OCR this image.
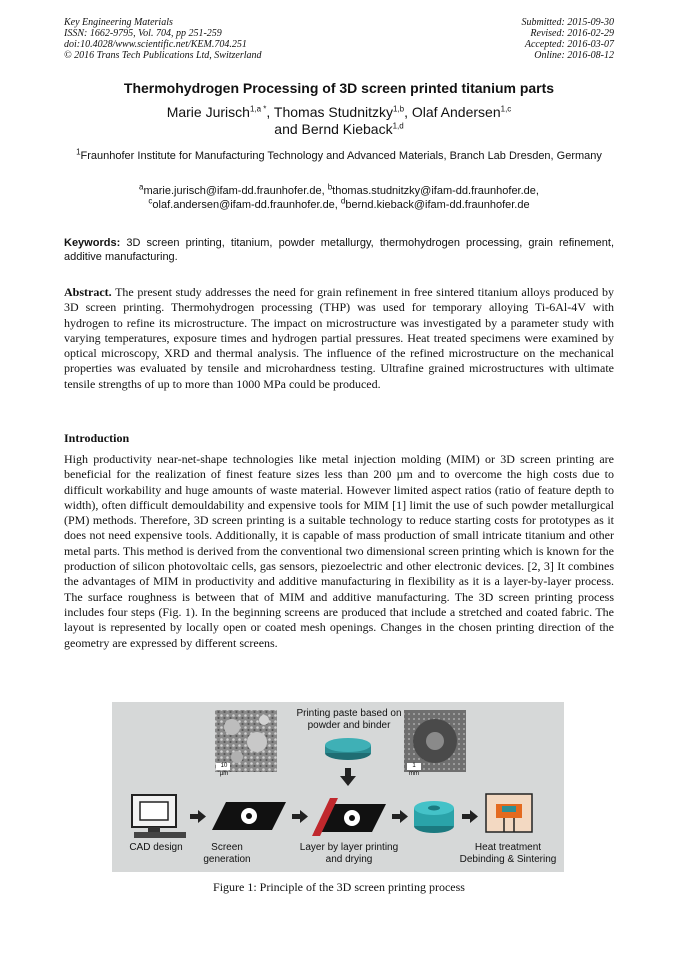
Key Engineering Materials
ISSN: 1662-9795, Vol. 704, pp 251-259
doi:10.4028/www.scientific.net/KEM.704.251
© 2016 Trans Tech Publications Ltd, Switzerland
Submitted: 2015-09-30
Revised: 2016-02-29
Accepted: 2016-03-07
Online: 2016-08-12
Thermohydrogen Processing of 3D screen printed titanium parts
Marie Jurisch$^{1,a *}$, Thomas Studnitzky$^{1,b}$, Olaf Andersen$^{1,c}$
and Bernd Kieback$^{1,d}$
$^1$Fraunhofer Institute for Manufacturing Technology and Advanced Materials, Branch Lab Dresden, Germany
$^a$marie.jurisch@ifam-dd.fraunhofer.de, $^b$thomas.studnitzky@ifam-dd.fraunhofer.de,
$^c$olaf.andersen@ifam-dd.fraunhofer.de, $^d$bernd.kieback@ifam-dd.fraunhofer.de
Keywords: 3D screen printing, titanium, powder metallurgy, thermohydrogen processing, grain refinement, additive manufacturing.
Abstract. The present study addresses the need for grain refinement in free sintered titanium alloys produced by 3D screen printing. Thermohydrogen processing (THP) was used for temporary alloying Ti-6Al-4V with hydrogen to refine its microstructure. The impact on microstructure was investigated by a parameter study with varying temperatures, exposure times and hydrogen partial pressures. Heat treated specimens were examined by optical microscopy, XRD and thermal analysis. The influence of the refined microstructure on the mechanical properties was evaluated by tensile and microhardness testing. Ultrafine grained microstructures with ultimate tensile strengths of up to more than 1000 MPa could be produced.
Introduction
High productivity near-net-shape technologies like metal injection molding (MIM) or 3D screen printing are beneficial for the realization of finest feature sizes less than 200 µm and to overcome the high costs due to difficult workability and huge amounts of waste material. However limited aspect ratios (ratio of feature depth to width), often difficult demouldability and expensive tools for MIM [1] limit the use of such powder metallurgical (PM) methods. Therefore, 3D screen printing is a suitable technology to reduce starting costs for prototypes as it does not need expensive tools. Additionally, it is capable of mass production of small intricate titanium and other metal parts. This method is derived from the conventional two dimensional screen printing which is known for the production of silicon photovoltaic cells, gas sensors, piezoelectric and other electronic devices. [2, 3] It combines the advantages of MIM in productivity and additive manufacturing in flexibility as it is a layer-by-layer process. The surface roughness is between that of MIM and additive manufacturing. The 3D screen printing process includes four steps (Fig. 1). In the beginning screens are produced that include a stretched and coated fabric. The layout is represented by locally open or coated mesh openings. Changes in the chosen printing direction of the geometry are expressed by different screens.
Printing paste based on powder and binder
10 µm
1 mm
CAD design	Screen generation
Layer by layer printing and drying
Heat treatment Debinding & Sintering
Figure 1: Principle of the 3D screen printing process
